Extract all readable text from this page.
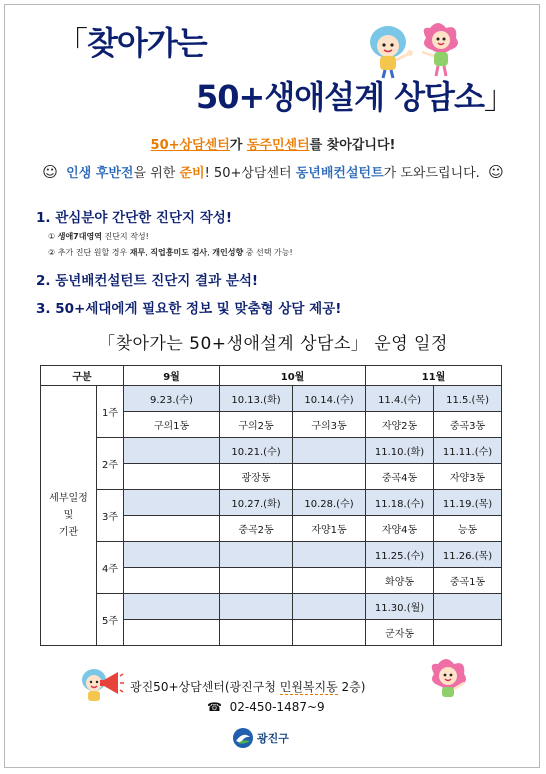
「찾아가는
50+생애설계 상담소」
50+상담센터가 동주민센터를 찾아갑니다!
☺ 인생 후반전을 위한 준비! 50+상담센터 동년배컨설턴트가 도와드립니다. ☺
1. 관심분야 간단한 진단지 작성!
① 생애7대영역 진단지 작성!
② 추가 진단 원할 경우 재무, 직업흥미도 검사, 개인성향 중 선택 가능!
2. 동년배컨설턴트 진단지 결과 분석!
3. 50+세대에게 필요한 정보 및 맞춤형 상담 제공!
「찾아가는 50+생애설계 상담소」 운영 일정
구분		9월	10월		11월	
세부일정
및
기관	1주	9.23.(수)	10.13.(화)	10.14.(수)	11.4.(수)	11.5.(목)
		구의1동	구의2동	구의3동	자양2동	중곡3동
	2주		10.21.(수)		11.10.(화)	11.11.(수)
			광장동		중곡4동	자양3동
	3주		10.27.(화)	10.28.(수)	11.18.(수)	11.19.(목)
			중곡2동	자양1동	자양4동	능동
	4주				11.25.(수)	11.26.(목)
					화양동	중곡1동
	5주				11.30.(월)	
					군자동	
광진50+상담센터(광진구청 민원복지동 2층)
☎ 02-450-1487~9
광진구
